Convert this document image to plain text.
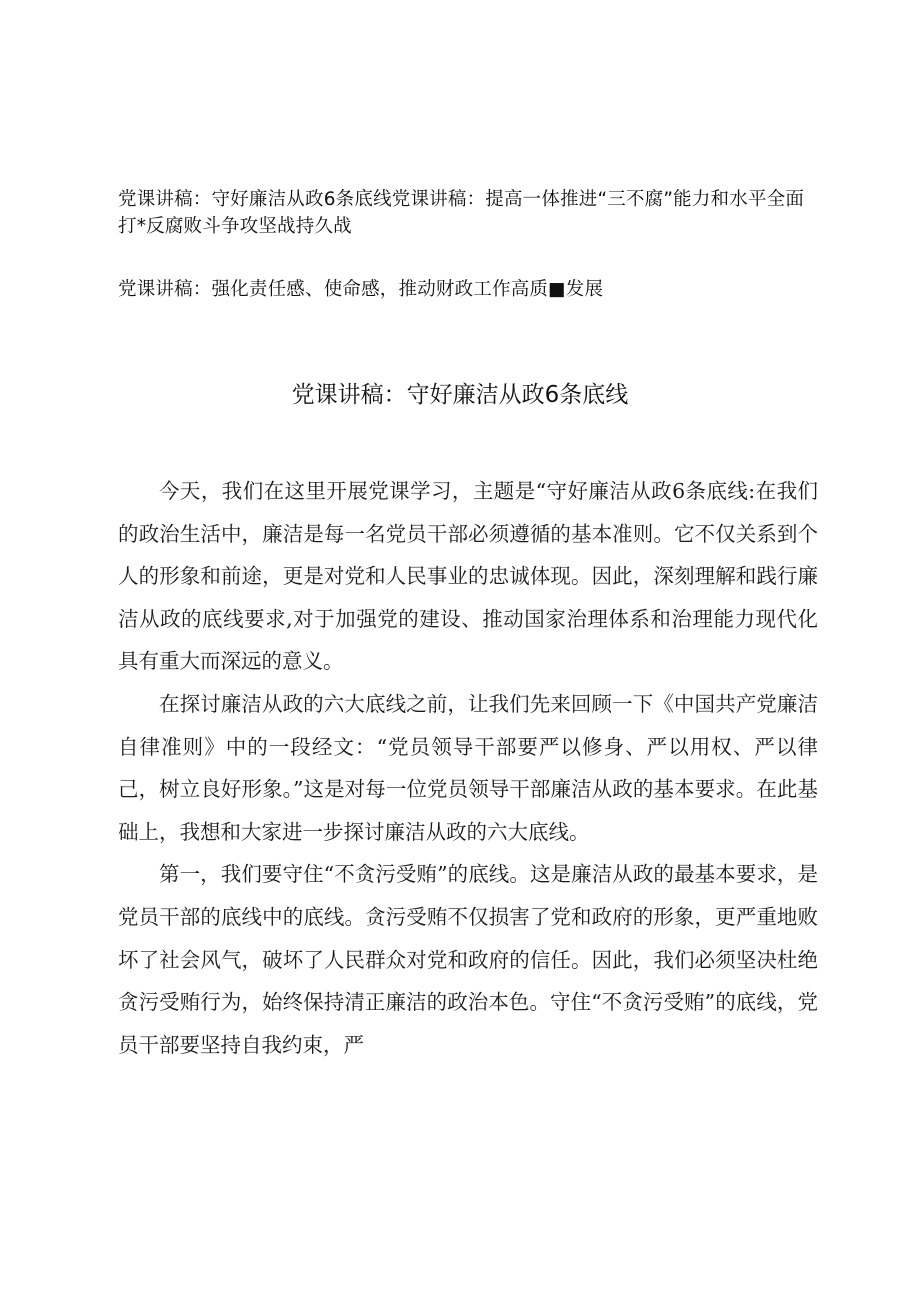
党课讲稿：守好廉洁从政6条底线党课讲稿：提高一体推进“三不腐”能力和水平全面打*反腐败斗争攻坚战持久战
党课讲稿：强化责任感、使命感，推动财政工作高质■发展
党课讲稿：守好廉洁从政6条底线

今天，我们在这里开展党课学习，主题是“守好廉洁从政6条底线:在我们的政治生活中，廉洁是每一名党员干部必须遵循的基本准则。它不仅关系到个人的形象和前途，更是对党和人民事业的忠诚体现。因此，深刻理解和践行廉洁从政的底线要求,对于加强党的建设、推动国家治理体系和治理能力现代化具有重大而深远的意义。

在探讨廉洁从政的六大底线之前，让我们先来回顾一下《中国共产党廉洁自律准则》中的一段经文：“党员领导干部要严以修身、严以用权、严以律己，树立良好形象。”这是对每一位党员领导干部廉洁从政的基本要求。在此基础上，我想和大家进一步探讨廉洁从政的六大底线。

第一，我们要守住“不贪污受贿”的底线。这是廉洁从政的最基本要求，是党员干部的底线中的底线。贪污受贿不仅损害了党和政府的形象，更严重地败坏了社会风气，破坏了人民群众对党和政府的信任。因此，我们必须坚决杜绝贪污受贿行为，始终保持清正廉洁的政治本色。守住“不贪污受贿”的底线，党员干部要坚持自我约束，严
